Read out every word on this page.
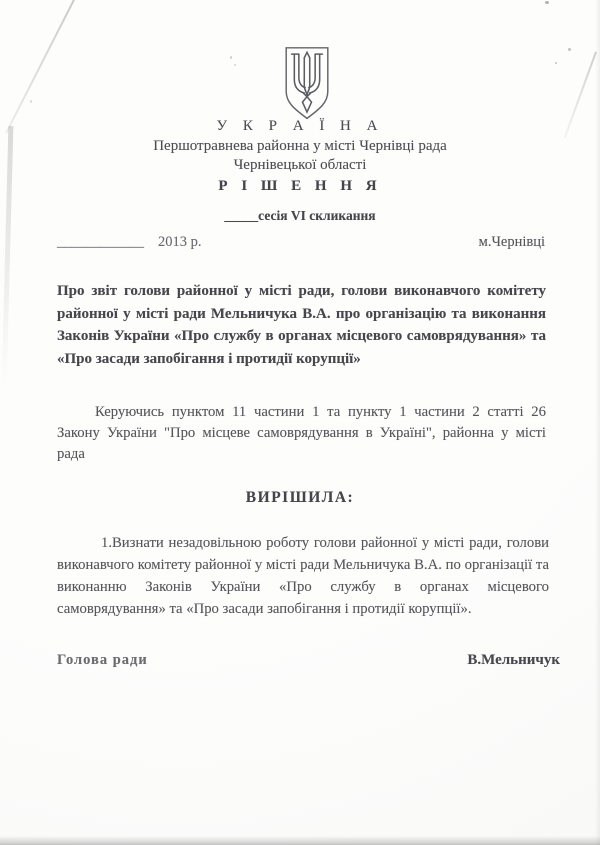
У К Р А Ї Н А
Першотравнева районна у місті Чернівці рада
Чернівецької області
Р І Ш Е Н Н Я
_____сесія VI скликання
____________ 2013 р.	м.Чернівці
Про звіт голови районної у місті ради, голови виконавчого комітету районної у місті ради Мельничука В.А. про організацію та виконання Законів України «Про службу в органах місцевого самоврядування» та «Про засади запобігання і протидії корупції»
Керуючись пунктом 11 частини 1 та пункту 1 частини 2 статті 26 Закону України "Про місцеве самоврядування в Україні", районна у місті рада
ВИРІШИЛА:
1.Визнати незадовільною роботу голови районної у місті ради, голови виконавчого комітету районної у місті ради Мельничука В.А. по організації та виконанню Законів України «Про службу в органах місцевого самоврядування» та «Про засади запобігання і протидії корупції».
Голова ради	В.Мельничук
